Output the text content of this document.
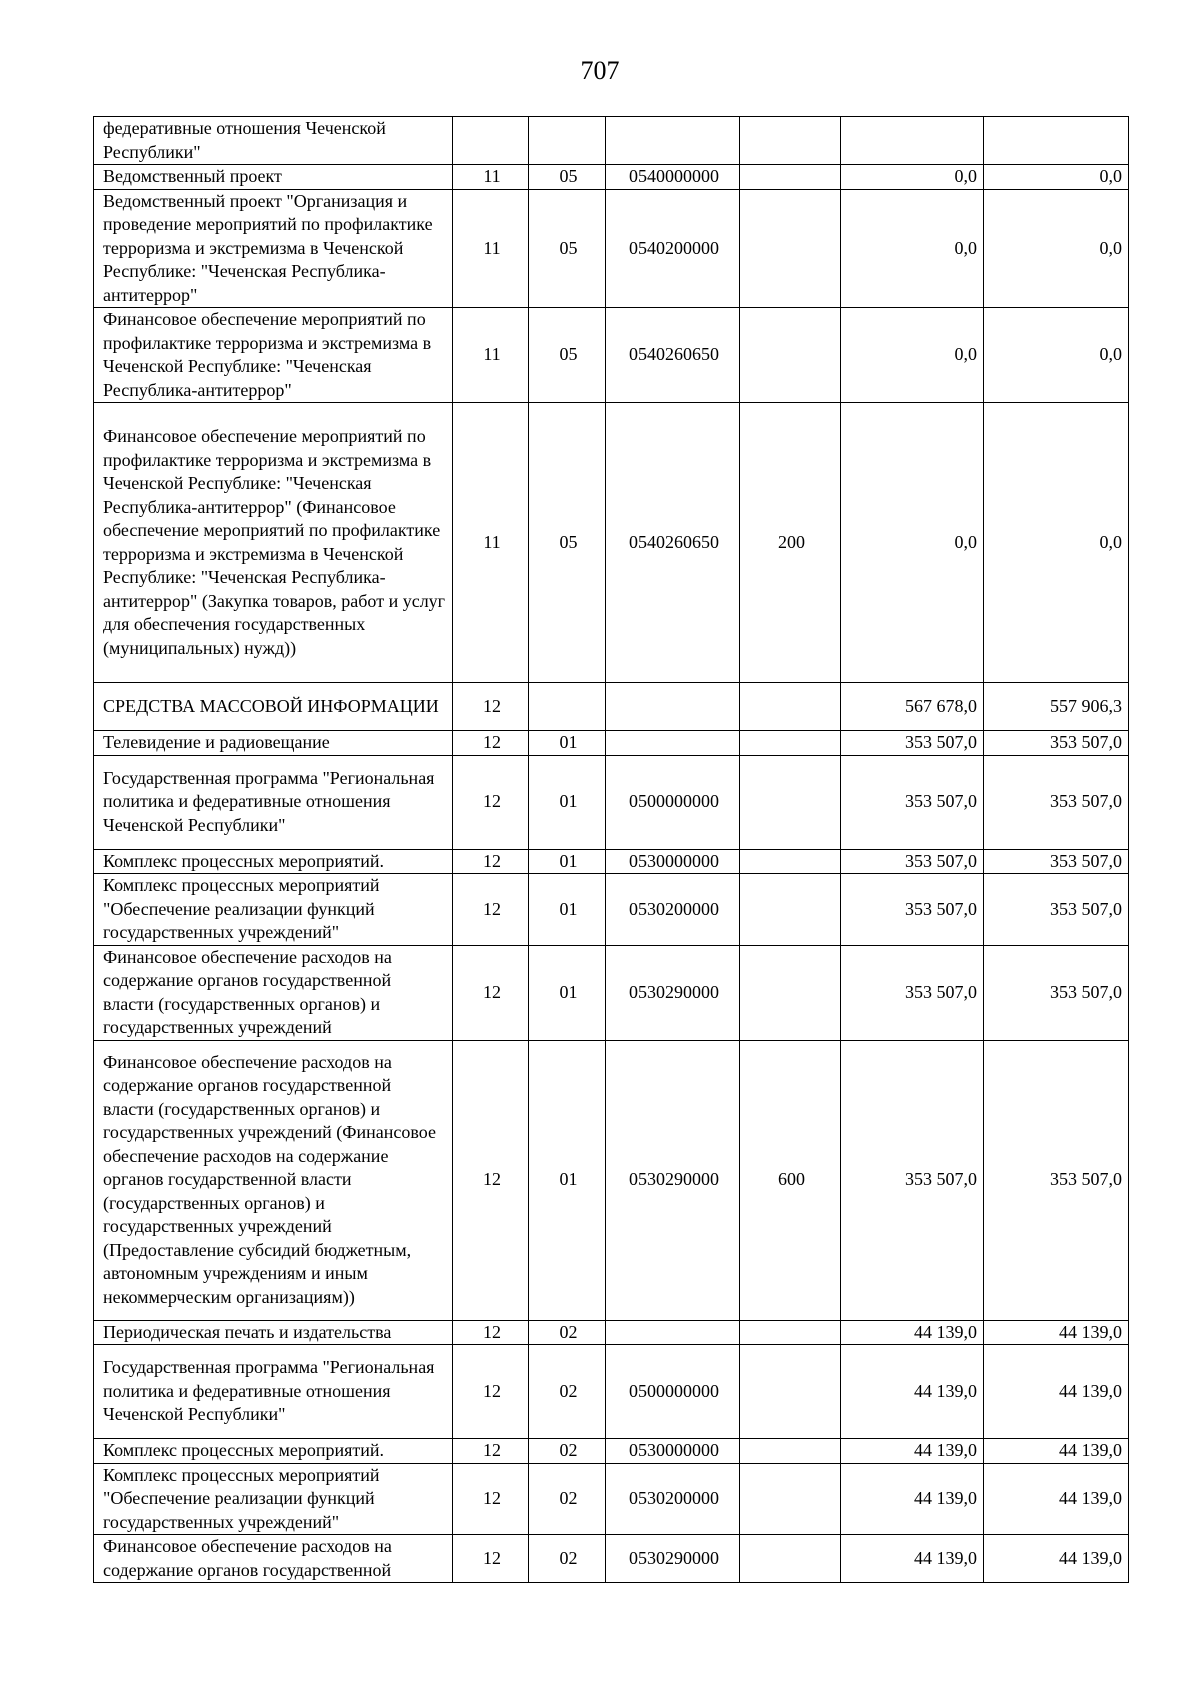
707
федеративные отношения Чеченской Республики"						
Ведомственный проект	11	05	0540000000		0,0	0,0
Ведомственный проект "Организация и проведение мероприятий по профилактике терроризма и экстремизма в Чеченской Республике: "Чеченская Республика-антитеррор"	11	05	0540200000		0,0	0,0
Финансовое обеспечение мероприятий по профилактике терроризма и экстремизма в Чеченской Республике: "Чеченская Республика-антитеррор"	11	05	0540260650		0,0	0,0
Финансовое обеспечение мероприятий по профилактике терроризма и экстремизма в Чеченской Республике: "Чеченская Республика-антитеррор" (Финансовое обеспечение мероприятий по профилактике терроризма и экстремизма в Чеченской Республике: "Чеченская Республика-антитеррор" (Закупка товаров, работ и услуг для обеспечения государственных (муниципальных) нужд))	11	05	0540260650	200	0,0	0,0
СРЕДСТВА МАССОВОЙ ИНФОРМАЦИИ	12				567 678,0	557 906,3
Телевидение и радиовещание	12	01			353 507,0	353 507,0
Государственная программа "Региональная политика и федеративные отношения Чеченской Республики"	12	01	0500000000		353 507,0	353 507,0
Комплекс процессных мероприятий.	12	01	0530000000		353 507,0	353 507,0
Комплекс процессных мероприятий "Обеспечение реализации функций государственных учреждений"	12	01	0530200000		353 507,0	353 507,0
Финансовое обеспечение расходов на содержание органов государственной власти (государственных органов) и государственных учреждений	12	01	0530290000		353 507,0	353 507,0
Финансовое обеспечение расходов на содержание органов государственной власти (государственных органов) и государственных учреждений (Финансовое обеспечение расходов на содержание органов государственной власти (государственных органов) и государственных учреждений (Предоставление субсидий бюджетным, автономным учреждениям и иным некоммерческим организациям))	12	01	0530290000	600	353 507,0	353 507,0
Периодическая печать и издательства	12	02			44 139,0	44 139,0
Государственная программа "Региональная политика и федеративные отношения Чеченской Республики"	12	02	0500000000		44 139,0	44 139,0
Комплекс процессных мероприятий.	12	02	0530000000		44 139,0	44 139,0
Комплекс процессных мероприятий "Обеспечение реализации функций государственных учреждений"	12	02	0530200000		44 139,0	44 139,0
Финансовое обеспечение расходов на содержание органов государственной	12	02	0530290000		44 139,0	44 139,0
